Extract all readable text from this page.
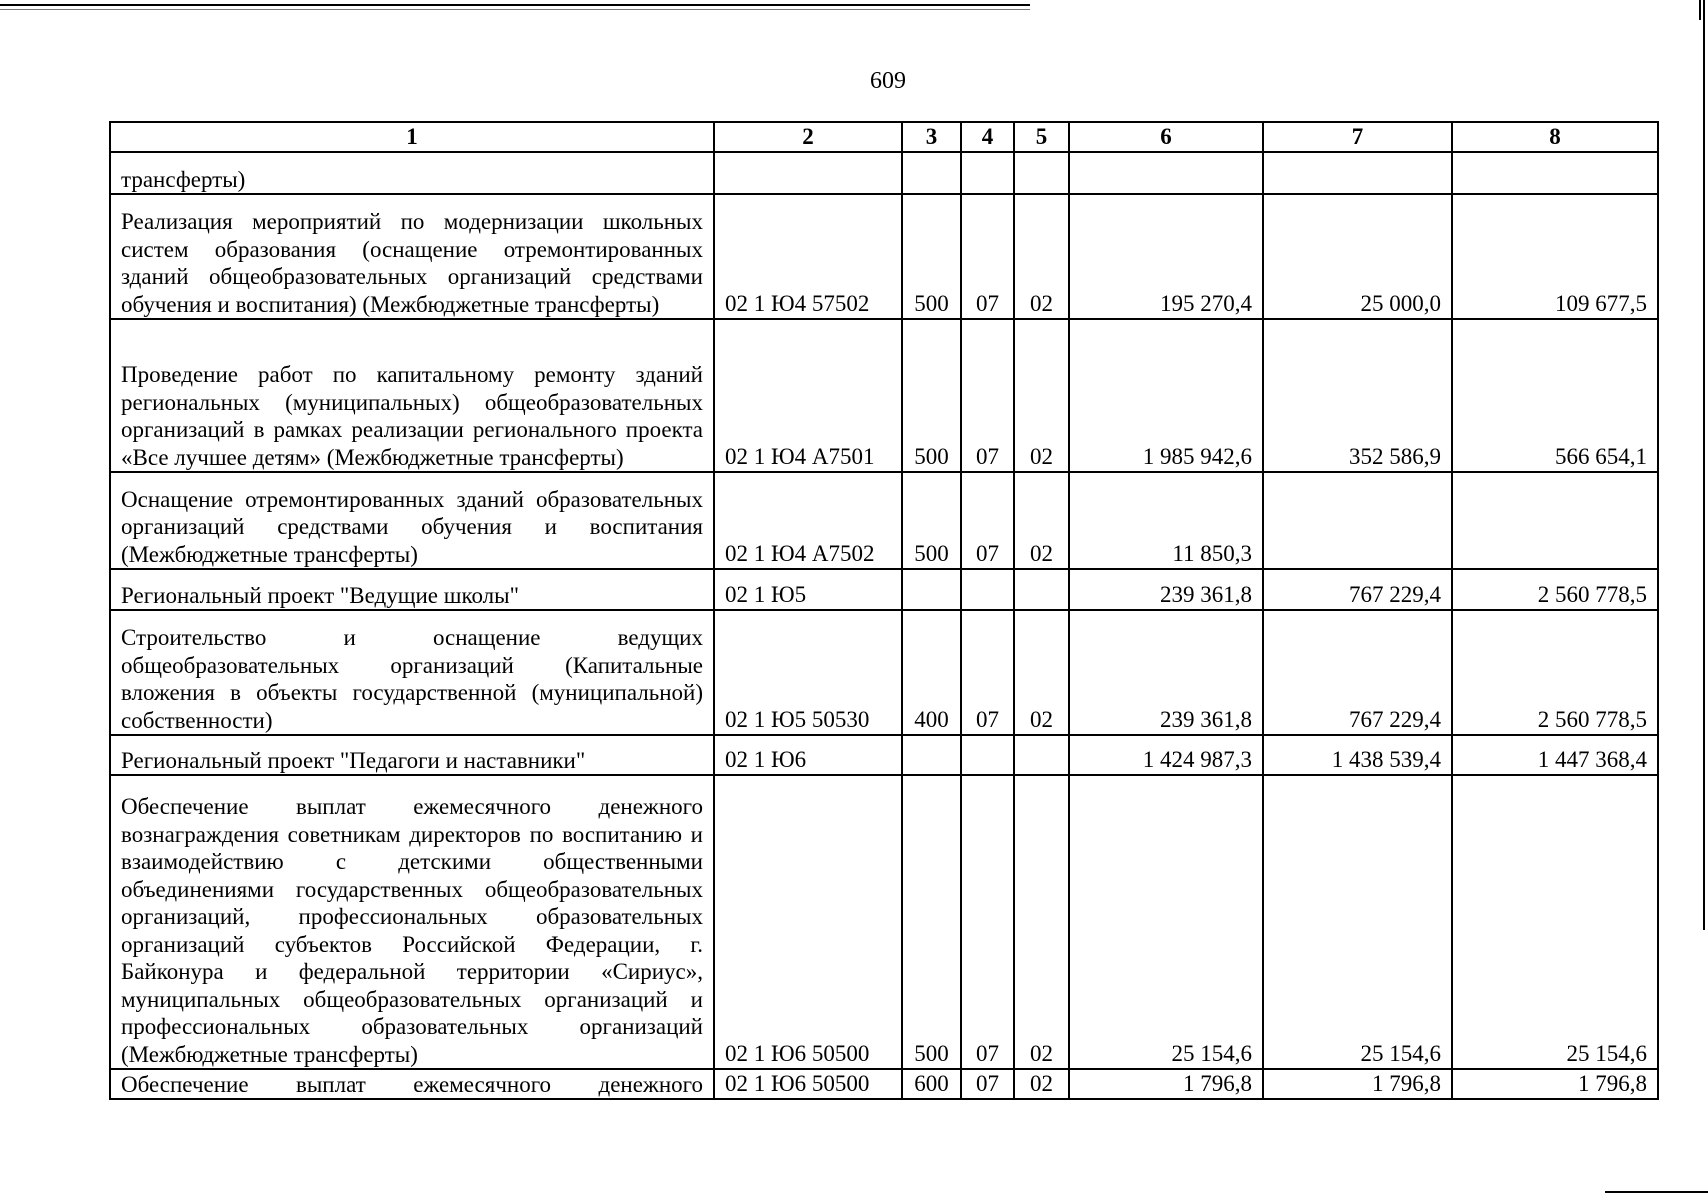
609
1	2	3	4	5	6	7	8
трансферты)							
Реализация мероприятий по модернизации школьных систем образования (оснащение отремонтированных зданий общеобразовательных организаций средствами обучения и воспитания) (Межбюджетные трансферты)	02 1 Ю4 57502	500	07	02	195 270,4	25 000,0	109 677,5
Проведение работ по капитальному ремонту зданий региональных (муниципальных) общеобразовательных организаций в рамках реализации регионального проекта «Все лучшее детям» (Межбюджетные трансферты)	02 1 Ю4 А7501	500	07	02	1 985 942,6	352 586,9	566 654,1
Оснащение отремонтированных зданий образовательных организаций средствами обучения и воспитания (Межбюджетные трансферты)	02 1 Ю4 А7502	500	07	02	11 850,3		
Региональный проект "Ведущие школы"	02 1 Ю5				239 361,8	767 229,4	2 560 778,5
Строительство и оснащение ведущих общеобразовательных организаций (Капитальные вложения в объекты государственной (муниципальной) собственности)	02 1 Ю5 50530	400	07	02	239 361,8	767 229,4	2 560 778,5
Региональный проект "Педагоги и наставники"	02 1 Ю6				1 424 987,3	1 438 539,4	1 447 368,4
Обеспечение выплат ежемесячного денежного вознаграждения советникам директоров по воспитанию и взаимодействию с детскими общественными объединениями государственных общеобразовательных организаций, профессиональных образовательных организаций субъектов Российской Федерации, г. Байконура и федеральной территории «Сириус», муниципальных общеобразовательных организаций и профессиональных образовательных организаций (Межбюджетные трансферты)	02 1 Ю6 50500	500	07	02	25 154,6	25 154,6	25 154,6
Обеспечение выплат ежемесячного денежного	02 1 Ю6 50500	600	07	02	1 796,8	1 796,8	1 796,8
